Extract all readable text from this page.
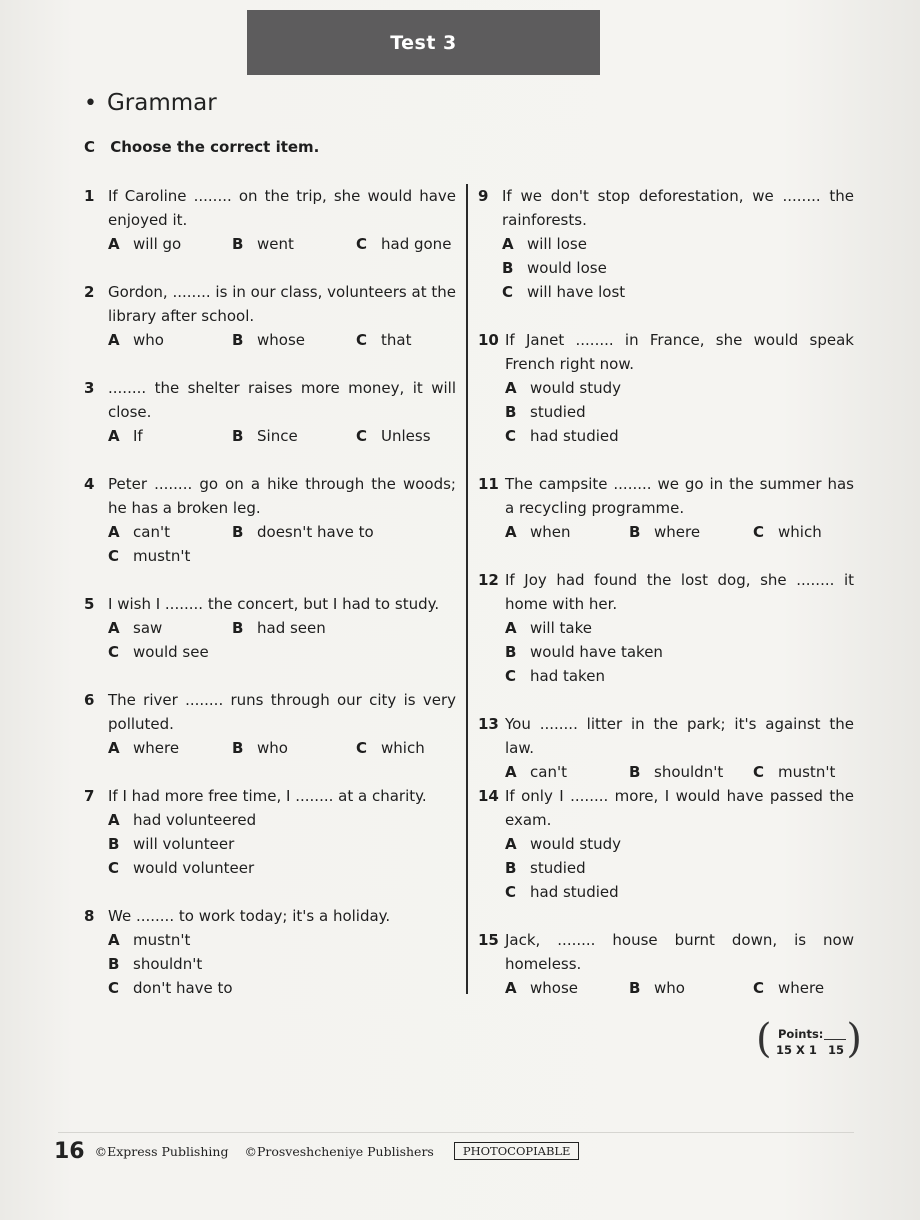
Test 3
• Grammar
C Choose the correct item.
1 If Caroline ........ on the trip, she would have enjoyed it.
A will go	B went	C had gone
2 Gordon, ........ is in our class, volunteers at the library after school.
A who	B whose	C that
3 ........ the shelter raises more money, it will close.
A If	B Since	C Unless
4 Peter ........ go on a hike through the woods; he has a broken leg.
A can't	B doesn't have to
C mustn't
5 I wish I ........ the concert, but I had to study.
A saw	B had seen
C would see
6 The river ........ runs through our city is very polluted.
A where	B who	C which
7 If I had more free time, I ........ at a charity.
A had volunteered
B will volunteer
C would volunteer
8 We ........ to work today; it's a holiday.
A mustn't
B shouldn't
C don't have to
9 If we don't stop deforestation, we ........ the rainforests.
A will lose
B would lose
C will have lost
10 If Janet ........ in France, she would speak French right now.
A would study
B studied
C had studied
11 The campsite ........ we go in the summer has a recycling programme.
A when	B where	C which
12 If Joy had found the lost dog, she ........ it home with her.
A will take
B would have taken
C had taken
13 You ........ litter in the park; it's against the law.
A can't	B shouldn't C mustn't
14 If only I ........ more, I would have passed the exam.
A would study
B studied
C had studied
15 Jack, ........ house burnt down, is now homeless.
A whose	B who	C where
( Points:
15 X 1 15 )
16 ©Express Publishing ©Prosveshcheniye Publishers	PHOTOCOPIABLE
